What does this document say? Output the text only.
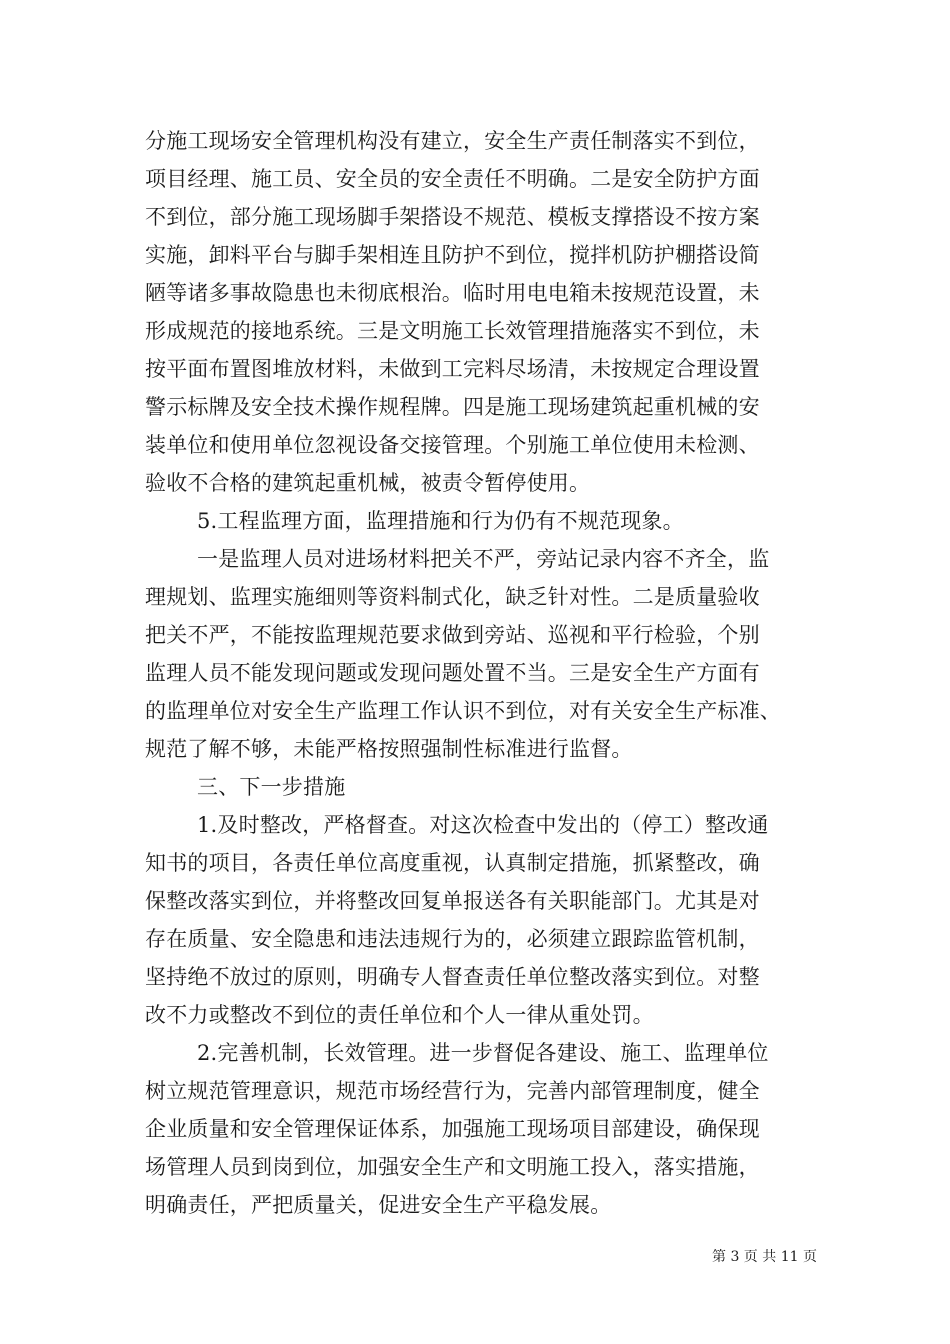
分施工现场安全管理机构没有建立，安全生产责任制落实不到位，
项目经理、施工员、安全员的安全责任不明确。二是安全防护方面
不到位，部分施工现场脚手架搭设不规范、模板支撑搭设不按方案
实施，卸料平台与脚手架相连且防护不到位，搅拌机防护棚搭设简
陋等诸多事故隐患也未彻底根治。临时用电电箱未按规范设置，未
形成规范的接地系统。三是文明施工长效管理措施落实不到位，未
按平面布置图堆放材料，未做到工完料尽场清，未按规定合理设置
警示标牌及安全技术操作规程牌。四是施工现场建筑起重机械的安
装单位和使用单位忽视设备交接管理。个别施工单位使用未检测、
验收不合格的建筑起重机械，被责令暂停使用。
5.工程监理方面，监理措施和行为仍有不规范现象。
一是监理人员对进场材料把关不严，旁站记录内容不齐全，监
理规划、监理实施细则等资料制式化，缺乏针对性。二是质量验收
把关不严，不能按监理规范要求做到旁站、巡视和平行检验，个别
监理人员不能发现问题或发现问题处置不当。三是安全生产方面有
的监理单位对安全生产监理工作认识不到位，对有关安全生产标准、
规范了解不够，未能严格按照强制性标准进行监督。
三、下一步措施
1.及时整改，严格督查。对这次检查中发出的（停工）整改通
知书的项目，各责任单位高度重视，认真制定措施，抓紧整改，确
保整改落实到位，并将整改回复单报送各有关职能部门。尤其是对
存在质量、安全隐患和违法违规行为的，必须建立跟踪监管机制，
坚持绝不放过的原则，明确专人督查责任单位整改落实到位。对整
改不力或整改不到位的责任单位和个人一律从重处罚。
2.完善机制，长效管理。进一步督促各建设、施工、监理单位
树立规范管理意识，规范市场经营行为，完善内部管理制度，健全
企业质量和安全管理保证体系，加强施工现场项目部建设，确保现
场管理人员到岗到位，加强安全生产和文明施工投入，落实措施，
明确责任，严把质量关，促进安全生产平稳发展。
第 3 页 共 11 页
